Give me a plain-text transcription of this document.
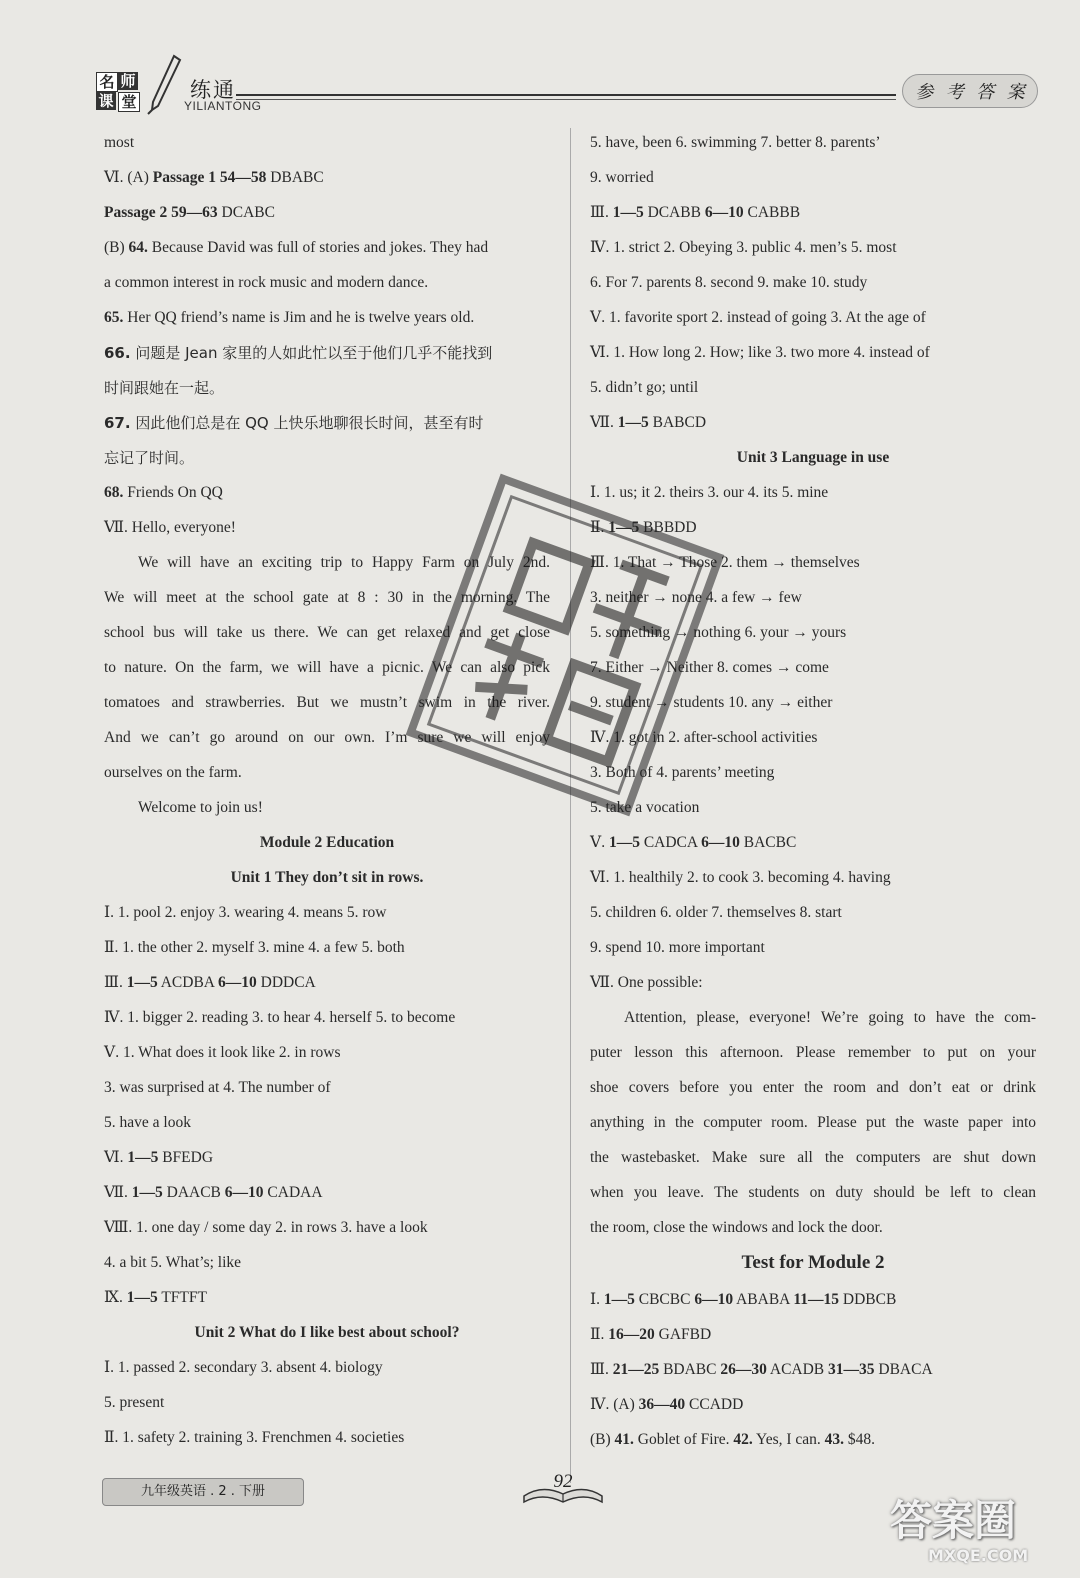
名 师
课 堂	练通
YILIANTONG
参 考 答 案
most
Ⅵ. (A) Passage 1 54—58 DBABC
Passage 2 59—63 DCABC
(B) 64. Because David was full of stories and jokes. They had
a common interest in rock music and modern dance.
65. Her QQ friend’s name is Jim and he is twelve years old.
66. 问题是 Jean 家里的人如此忙以至于他们几乎不能找到
时间跟她在一起。
67. 因此他们总是在 QQ 上快乐地聊很长时间，甚至有时
忘记了时间。
68. Friends On QQ
Ⅶ. Hello, everyone!
We will have an exciting trip to Happy Farm on July 2nd.
We will meet at the school gate at 8 : 30 in the morning. The
school bus will take us there. We can get relaxed and get close
to nature. On the farm, we will have a picnic. We can also pick
tomatoes and strawberries. But we mustn’t swim in the river.
And we can’t go around on our own. I’m sure we will enjoy
ourselves on the farm.
Welcome to join us!
Module 2 Education
Unit 1 They don’t sit in rows.
Ⅰ. 1. pool 2. enjoy 3. wearing 4. means 5. row
Ⅱ. 1. the other 2. myself 3. mine 4. a few 5. both
Ⅲ. 1—5 ACDBA 6—10 DDDCA
Ⅳ. 1. bigger 2. reading 3. to hear 4. herself 5. to become
Ⅴ. 1. What does it look like 2. in rows
3. was surprised at 4. The number of
5. have a look
Ⅵ. 1—5 BFEDG
Ⅶ. 1—5 DAACB 6—10 CADAA
Ⅷ. 1. one day / some day 2. in rows 3. have a look
4. a bit 5. What’s; like
Ⅸ. 1—5 TFTFT
Unit 2 What do I like best about school?
Ⅰ. 1. passed 2. secondary 3. absent 4. biology
5. present
Ⅱ. 1. safety 2. training 3. Frenchmen 4. societies
5. have, been 6. swimming 7. better 8. parents’
9. worried
Ⅲ. 1—5 DCABB 6—10 CABBB
Ⅳ. 1. strict 2. Obeying 3. public 4. men’s 5. most
6. For 7. parents 8. second 9. make 10. study
Ⅴ. 1. favorite sport 2. instead of going 3. At the age of
Ⅵ. 1. How long 2. How; like 3. two more 4. instead of
5. didn’t go; until
Ⅶ. 1—5 BABCD
Unit 3 Language in use
Ⅰ. 1. us; it 2. theirs 3. our 4. its 5. mine
Ⅱ. 1—5 BBBDD
Ⅲ. 1. That → Those 2. them → themselves
3. neither → none 4. a few → few
5. something → nothing 6. your → yours
7. Either → Neither 8. comes → come
9. student → students 10. any → either
Ⅳ. 1. got in 2. after-school activities
3. Both of 4. parents’ meeting
5. take a vocation
Ⅴ. 1—5 CADCA 6—10 BACBC
Ⅵ. 1. healthily 2. to cook 3. becoming 4. having
5. children 6. older 7. themselves 8. start
9. spend 10. more important
Ⅶ. One possible:
Attention, please, everyone! We’re going to have the com-
puter lesson this afternoon. Please remember to put on your
shoe covers before you enter the room and don’t eat or drink
anything in the computer room. Please put the waste paper into
the wastebasket. Make sure all the computers are shut down
when you leave. The students on duty should be left to clean
the room, close the windows and lock the door.
Test for Module 2
Ⅰ. 1—5 CBCBC 6—10 ABABA 11—15 DDBCB
Ⅱ. 16—20 GAFBD
Ⅲ. 21—25 BDABC 26—30 ACADB 31—35 DBACA
Ⅳ. (A) 36—40 CCADD
(B) 41. Goblet of Fire. 42. Yes, I can. 43. $48.
九年级英语 . 2 . 下册	92
答案圈
MXQE.COM
